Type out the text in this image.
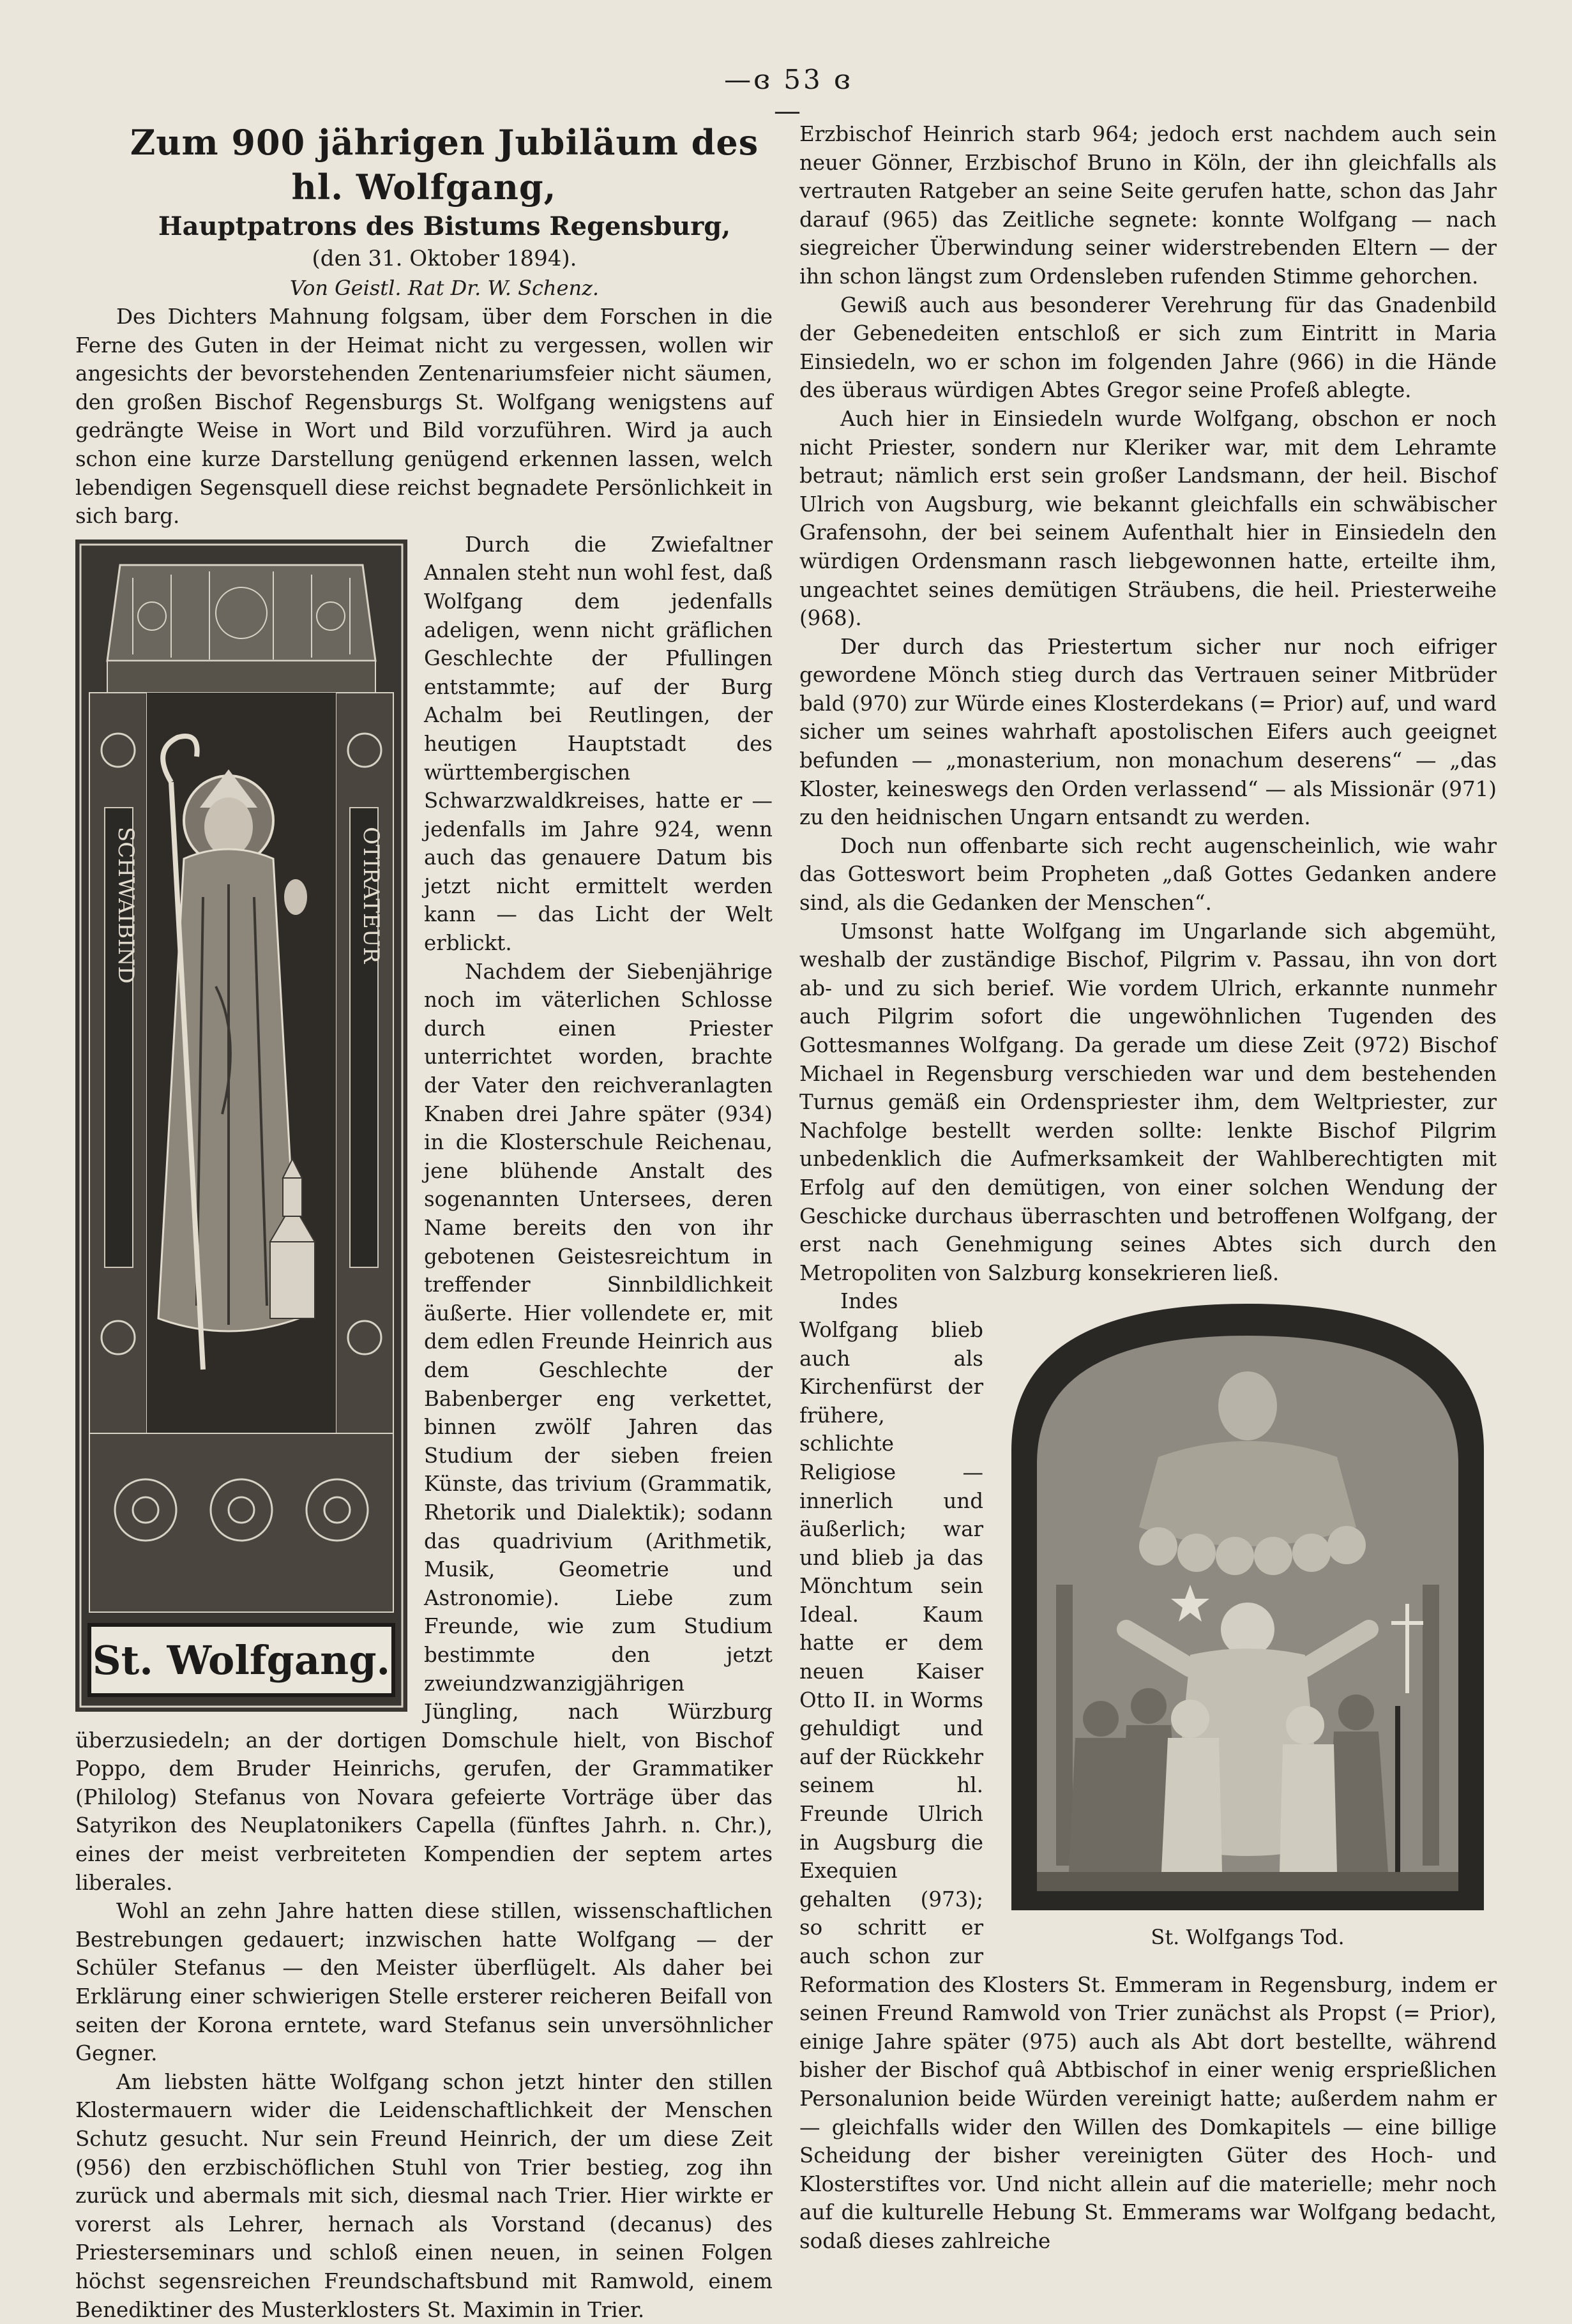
—ɞ 53 ɞ—

Zum 900 jährigen Jubiläum des hl. Wolfgang,

Hauptpatrons des Bistums Regensburg,

(den 31. Oktober 1894).

Von Geistl. Rat Dr. W. Schenz.

Des Dichters Mahnung folgsam, über dem Forschen in die Ferne des Guten in der Heimat nicht zu vergessen, wollen wir angesichts der bevorstehenden Zentenariumsfeier nicht säumen, den großen Bischof Regensburgs St. Wolfgang wenigstens auf gedrängte Weise in Wort und Bild vorzuführen. Wird ja auch schon eine kurze Darstellung genügend erkennen lassen, welch lebendigen Segensquell diese reichst begnadete Persönlichkeit in sich barg.

SCHWAIBIND	OTIRATEUR
St. Wolfgang.

Durch die Zwiefaltner Annalen steht nun wohl fest, daß Wolfgang dem jedenfalls adeligen, wenn nicht gräflichen Geschlechte der Pfullingen entstammte; auf der Burg Achalm bei Reutlingen, der heutigen Hauptstadt des württembergischen Schwarzwaldkreises, hatte er — jedenfalls im Jahre 924, wenn auch das genauere Datum bis jetzt nicht ermittelt werden kann — das Licht der Welt erblickt.

Nachdem der Siebenjährige noch im väterlichen Schlosse durch einen Priester unterrichtet worden, brachte der Vater den reichveranlagten Knaben drei Jahre später (934) in die Klosterschule Reichenau, jene blühende Anstalt des sogenannten Untersees, deren Name bereits den von ihr gebotenen Geistesreichtum in treffender Sinnbildlichkeit äußerte. Hier vollendete er, mit dem edlen Freunde Heinrich aus dem Geschlechte der Babenberger eng verkettet, binnen zwölf Jahren das Studium der sieben freien Künste, das trivium (Grammatik, Rhetorik und Dialektik); sodann das quadrivium (Arithmetik, Musik, Geometrie und Astronomie). Liebe zum Freunde, wie zum Studium bestimmte den jetzt zweiundzwanzigjährigen Jüngling, nach Würzburg überzusiedeln; an der dortigen Domschule hielt, von Bischof Poppo, dem Bruder Heinrichs, gerufen, der Grammatiker (Philolog) Stefanus von Novara gefeierte Vorträge über das Satyrikon des Neuplatonikers Capella (fünftes Jahrh. n. Chr.), eines der meist verbreiteten Kompendien der septem artes liberales.

Wohl an zehn Jahre hatten diese stillen, wissenschaftlichen Bestrebungen gedauert; inzwischen hatte Wolfgang — der Schüler Stefanus — den Meister überflügelt. Als daher bei Erklärung einer schwierigen Stelle ersterer reicheren Beifall von seiten der Korona erntete, ward Stefanus sein unversöhnlicher Gegner.

Am liebsten hätte Wolfgang schon jetzt hinter den stillen Klostermauern wider die Leidenschaftlichkeit der Menschen Schutz gesucht. Nur sein Freund Heinrich, der um diese Zeit (956) den erzbischöflichen Stuhl von Trier bestieg, zog ihn zurück und abermals mit sich, diesmal nach Trier. Hier wirkte er vorerst als Lehrer, hernach als Vorstand (decanus) des Priesterseminars und schloß einen neuen, in seinen Folgen höchst segensreichen Freundschaftsbund mit Ramwold, einem Benediktiner des Musterklosters St. Maximin in Trier.

Erzbischof Heinrich starb 964; jedoch erst nachdem auch sein neuer Gönner, Erzbischof Bruno in Köln, der ihn gleichfalls als vertrauten Ratgeber an seine Seite gerufen hatte, schon das Jahr darauf (965) das Zeitliche segnete: konnte Wolfgang — nach siegreicher Überwindung seiner widerstrebenden Eltern — der ihn schon längst zum Ordensleben rufenden Stimme gehorchen.

Gewiß auch aus besonderer Verehrung für das Gnadenbild der Gebenedeiten entschloß er sich zum Eintritt in Maria Einsiedeln, wo er schon im folgenden Jahre (966) in die Hände des überaus würdigen Abtes Gregor seine Profeß ablegte.

Auch hier in Einsiedeln wurde Wolfgang, obschon er noch nicht Priester, sondern nur Kleriker war, mit dem Lehramte betraut; nämlich erst sein großer Landsmann, der heil. Bischof Ulrich von Augsburg, wie bekannt gleichfalls ein schwäbischer Grafensohn, der bei seinem Aufenthalt hier in Einsiedeln den würdigen Ordensmann rasch liebgewonnen hatte, erteilte ihm, ungeachtet seines demütigen Sträubens, die heil. Priesterweihe (968).

Der durch das Priestertum sicher nur noch eifriger gewordene Mönch stieg durch das Vertrauen seiner Mitbrüder bald (970) zur Würde eines Klosterdekans (= Prior) auf, und ward sicher um seines wahrhaft apostolischen Eifers auch geeignet befunden — „monasterium, non monachum deserens“ — „das Kloster, keineswegs den Orden verlassend“ — als Missionär (971) zu den heidnischen Ungarn entsandt zu werden.

Doch nun offenbarte sich recht augenscheinlich, wie wahr das Gotteswort beim Propheten „daß Gottes Gedanken andere sind, als die Gedanken der Menschen“.

Umsonst hatte Wolfgang im Ungarlande sich abgemüht, weshalb der zuständige Bischof, Pilgrim v. Passau, ihn von dort ab- und zu sich berief. Wie vordem Ulrich, erkannte nunmehr auch Pilgrim sofort die ungewöhnlichen Tugenden des Gottesmannes Wolfgang. Da gerade um diese Zeit (972) Bischof Michael in Regensburg verschieden war und dem bestehenden Turnus gemäß ein Ordenspriester ihm, dem Weltpriester, zur Nachfolge bestellt werden sollte: lenkte Bischof Pilgrim unbedenklich die Aufmerksamkeit der Wahlberechtigten mit Erfolg auf den demütigen, von einer solchen Wendung der Geschicke durchaus überraschten und betroffenen Wolfgang, der erst nach Genehmigung seines Abtes sich durch den Metropoliten von Salzburg konsekrieren ließ.

St. Wolfgangs Tod.

Indes Wolfgang blieb auch als Kirchenfürst der frühere, schlichte Religiose — innerlich und äußerlich; war und blieb ja das Mönchtum sein Ideal. Kaum hatte er dem neuen Kaiser Otto II. in Worms gehuldigt und auf der Rückkehr seinem hl. Freunde Ulrich in Augsburg die Exequien gehalten (973); so schritt er auch schon zur Reformation des Klosters St. Emmeram in Regensburg, indem er seinen Freund Ramwold von Trier zunächst als Propst (= Prior), einige Jahre später (975) auch als Abt dort bestellte, während bisher der Bischof quâ Abtbischof in einer wenig ersprießlichen Personalunion beide Würden vereinigt hatte; außerdem nahm er — gleichfalls wider den Willen des Domkapitels — eine billige Scheidung der bisher vereinigten Güter des Hoch- und Klosterstiftes vor. Und nicht allein auf die materielle; mehr noch auf die kulturelle Hebung St. Emmerams war Wolfgang bedacht, sodaß dieses zahlreiche
